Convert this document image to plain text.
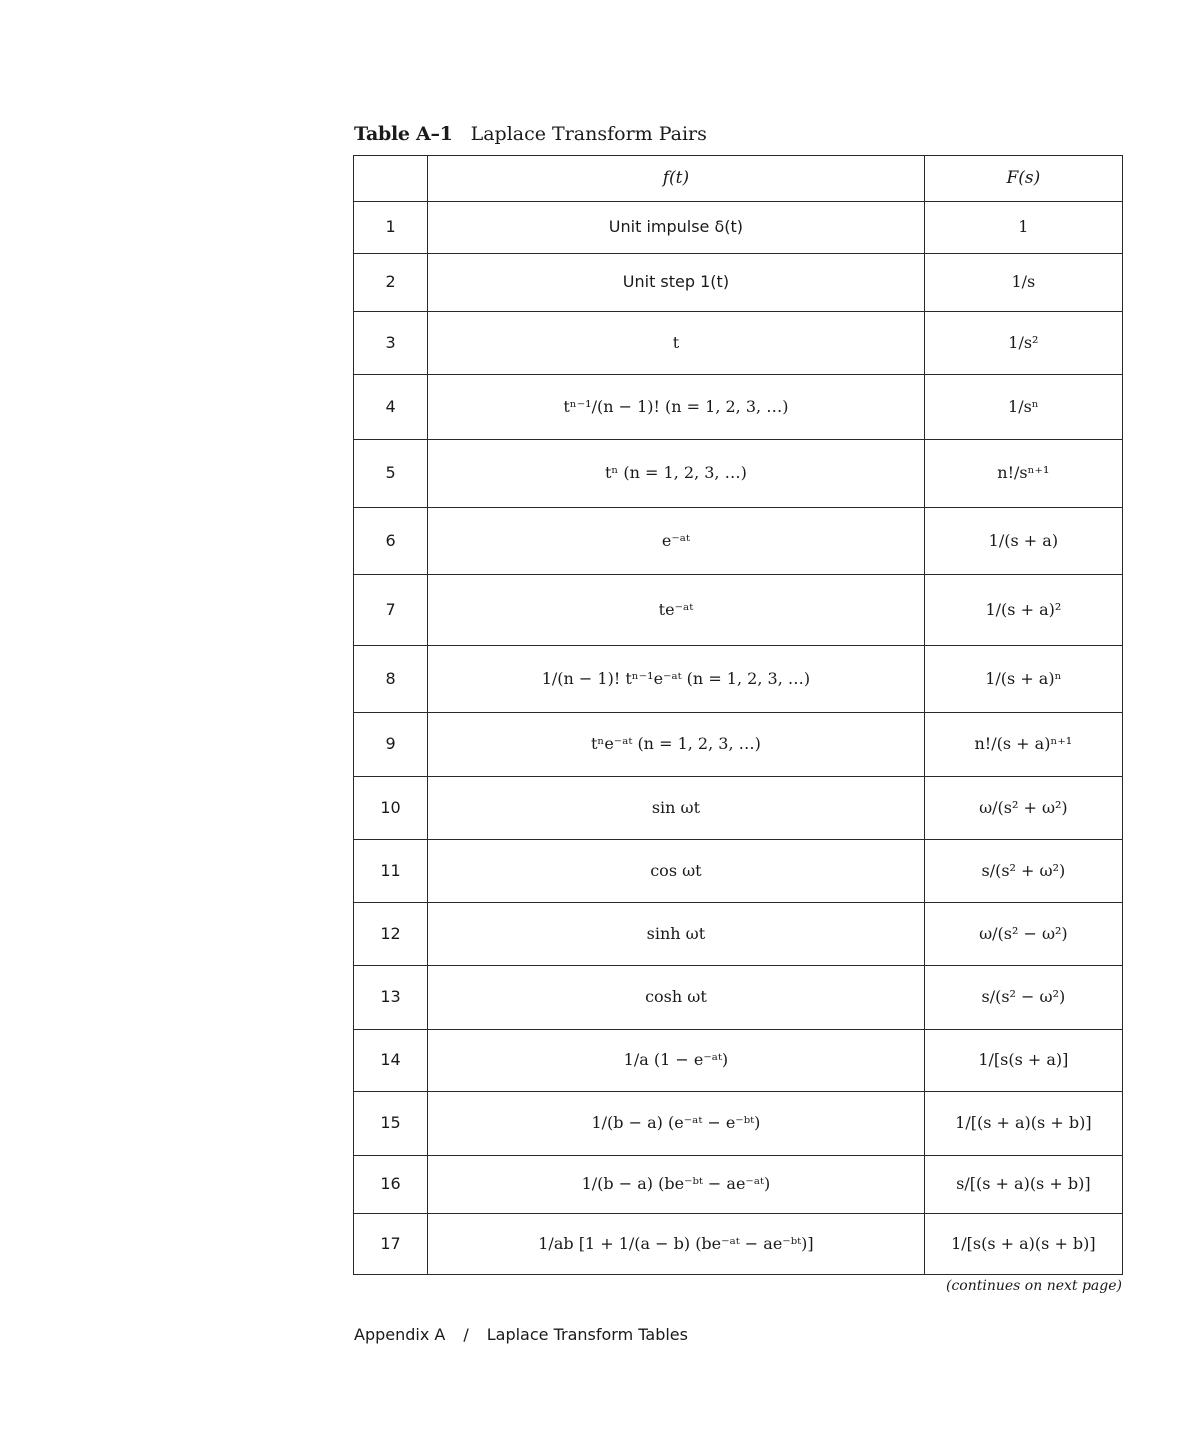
Table A–1 Laplace Transform Pairs
	f(t)	F(s)
1	Unit impulse δ(t)	1
2	Unit step 1(t)	1/s
3	t	1/s²
4	tⁿ⁻¹/(n − 1)! (n = 1, 2, 3, …)	1/sⁿ
5	tⁿ (n = 1, 2, 3, …)	n!/sⁿ⁺¹
6	e⁻ᵃᵗ	1/(s + a)
7	te⁻ᵃᵗ	1/(s + a)²
8	1/(n − 1)! tⁿ⁻¹e⁻ᵃᵗ (n = 1, 2, 3, …)	1/(s + a)ⁿ
9	tⁿe⁻ᵃᵗ (n = 1, 2, 3, …)	n!/(s + a)ⁿ⁺¹
10	sin ωt	ω/(s² + ω²)
11	cos ωt	s/(s² + ω²)
12	sinh ωt	ω/(s² − ω²)
13	cosh ωt	s/(s² − ω²)
14	1/a (1 − e⁻ᵃᵗ)	1/[s(s + a)]
15	1/(b − a) (e⁻ᵃᵗ − e⁻ᵇᵗ)	1/[(s + a)(s + b)]
16	1/(b − a) (be⁻ᵇᵗ − ae⁻ᵃᵗ)	s/[(s + a)(s + b)]
17	1/ab [1 + 1/(a − b) (be⁻ᵃᵗ − ae⁻ᵇᵗ)]	1/[s(s + a)(s + b)]
(continues on next page)
Appendix A / Laplace Transform Tables
